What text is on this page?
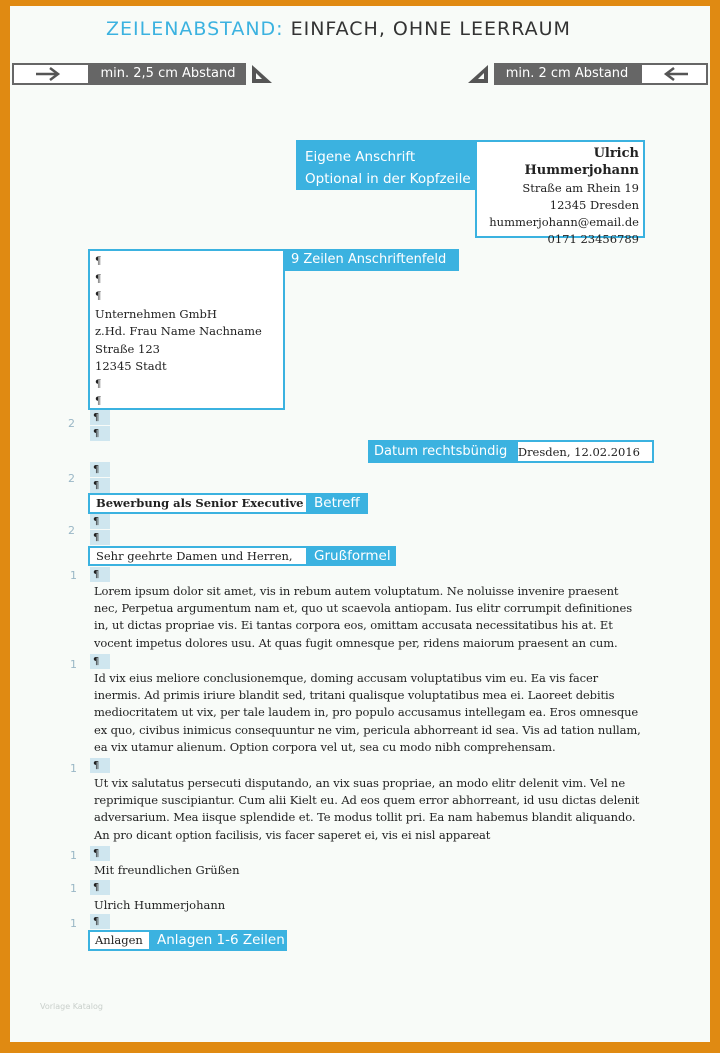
ZEILENABSTAND: EINFACH, OHNE LEERRAUM
min. 2,5 cm Abstand	min. 2 cm Abstand
Eigene Anschrift
Optional in der Kopfzeile
Ulrich Hummerjohann
Straße am Rhein 19
12345 Dresden
hummerjohann@email.de
0171 23456789
¶
¶
¶
Unternehmen GmbH
z.Hd. Frau Name Nachname
Straße 123
12345 Stadt
¶
¶
9 Zeilen Anschriftenfeld
2	¶
¶
Datum rechtsbündig Dresden, 12.02.2016
2
¶
¶
Bewerbung als Senior Executive Betreff
2
¶
¶
Sehr geehrte Damen und Herren,	Grußformel
1	¶
Lorem ipsum dolor sit amet, vis in rebum autem voluptatum. Ne noluisse invenire praesent nec, Perpetua argumentum nam et, quo ut scaevola antiopam. Ius elitr corrumpit definitiones in, ut dictas propriae vis. Ei tantas corpora eos, omittam accusata necessitatibus his at. Et vocent impetus dolores usu. At quas fugit omnesque per, ridens maiorum praesent an cum.
1	¶
Id vix eius meliore conclusionemque, doming accusam voluptatibus vim eu. Ea vis facer inermis. Ad primis iriure blandit sed, tritani qualisque voluptatibus mea ei. Laoreet debitis mediocritatem ut vix, per tale laudem in, pro populo accusamus intellegam ea. Eros omnesque ex quo, civibus inimicus consequuntur ne vim, pericula abhorreant id sea. Vis ad tation nullam, ea vix utamur alienum. Option corpora vel ut, sea cu modo nibh comprehensam.
1	¶
Ut vix salutatus persecuti disputando, an vix suas propriae, an modo elitr delenit vim. Vel ne reprimique suscipiantur. Cum alii Kielt eu. Ad eos quem error abhorreant, id usu dictas delenit adversarium. Mea iisque splendide et. Te modus tollit pri. Ea nam habemus blandit aliquando. An pro dicant option facilisis, vis facer saperet ei, vis ei nisl appareat
1	¶
Mit freundlichen Grüßen
1	¶
Ulrich Hummerjohann
1	¶
Anlagen	Anlagen 1-6 Zeilen
Vorlage Katalog
